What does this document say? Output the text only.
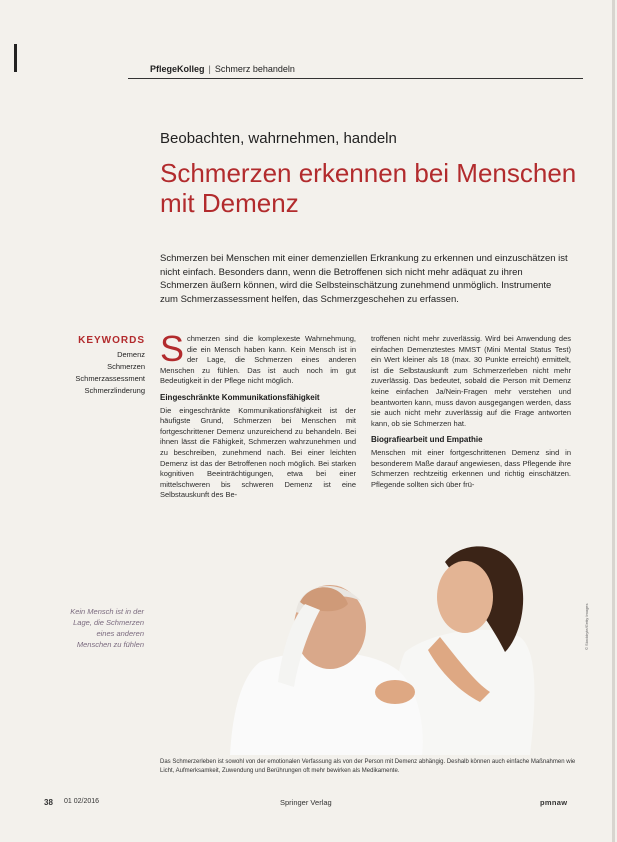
PflegeKolleg | Schmerz behandeln
Beobachten, wahrnehmen, handeln
Schmerzen erkennen bei Menschen mit Demenz

Schmerzen bei Menschen mit einer demenziellen Erkrankung zu erkennen und einzuschätzen ist nicht einfach. Besonders dann, wenn die Betroffenen sich nicht mehr adäquat zu ihren Schmerzen äußern können, wird die Selbsteinschätzung zunehmend unmöglich. Instrumente zum Schmerzassessment helfen, das Schmerzgeschehen zu erfassen.

KEYWORDS
Demenz
Schmerzen
Schmerzassessment
Schmerzlinderung

Schmerzen sind die komplexeste Wahrnehmung, die ein Mensch haben kann. Kein Mensch ist in der Lage, die Schmerzen eines anderen Menschen zu fühlen. Das ist auch noch im gut Bedeutigkeit in der Pflege nicht möglich.

Eingeschränkte Kommunikationsfähigkeit

Die eingeschränkte Kommunikationsfähigkeit ist der häufigste Grund, Schmerzen bei Menschen mit fortgeschrittener Demenz unzureichend zu behandeln. Bei ihnen lässt die Fähigkeit, Schmerzen wahrzunehmen und zu beschreiben, zunehmend nach. Bei einer leichten Demenz ist das der Betroffenen noch möglich. Bei starken kognitiven Beeinträchtigungen, etwa bei einer mittelschweren bis schweren Demenz ist eine Selbstauskunft des Be-

troffenen nicht mehr zuverlässig. Wird bei Anwendung des einfachen Demenztestes MMST (Mini Mental Status Test) ein Wert kleiner als 18 (max. 30 Punkte erreicht) ermittelt, ist die Selbstauskunft zum Schmerzerleben nicht mehr zuverlässig. Das bedeutet, sobald die Person mit Demenz keine einfachen Ja/Nein-Fragen mehr verstehen und beantworten kann, muss davon ausgegangen werden, dass sie auch nicht mehr zuverlässig auf die Frage antworten kann, ob sie Schmerzen hat.

Biografiearbeit und Empathie

Menschen mit einer fortgeschrittenen Demenz sind in besonderem Maße darauf angewiesen, dass Pflegende ihre Schmerzen rechtzeitig erkennen und richtig einschätzen. Pflegende sollten sich über frü-

Kein Mensch ist in der Lage, die Schmerzen eines anderen Menschen zu fühlen	© Stockbyte/Getty Images
Das Schmerzerleben ist sowohl von der emotionalen Verfassung als von der Person mit Demenz abhängig. Deshalb können auch einfache Maßnahmen wie Licht, Aufmerksamkeit, Zuwendung und Berührungen oft mehr bewirken als Medikamente.
38 01 02/2016	Springer Verlag	pmnaw
